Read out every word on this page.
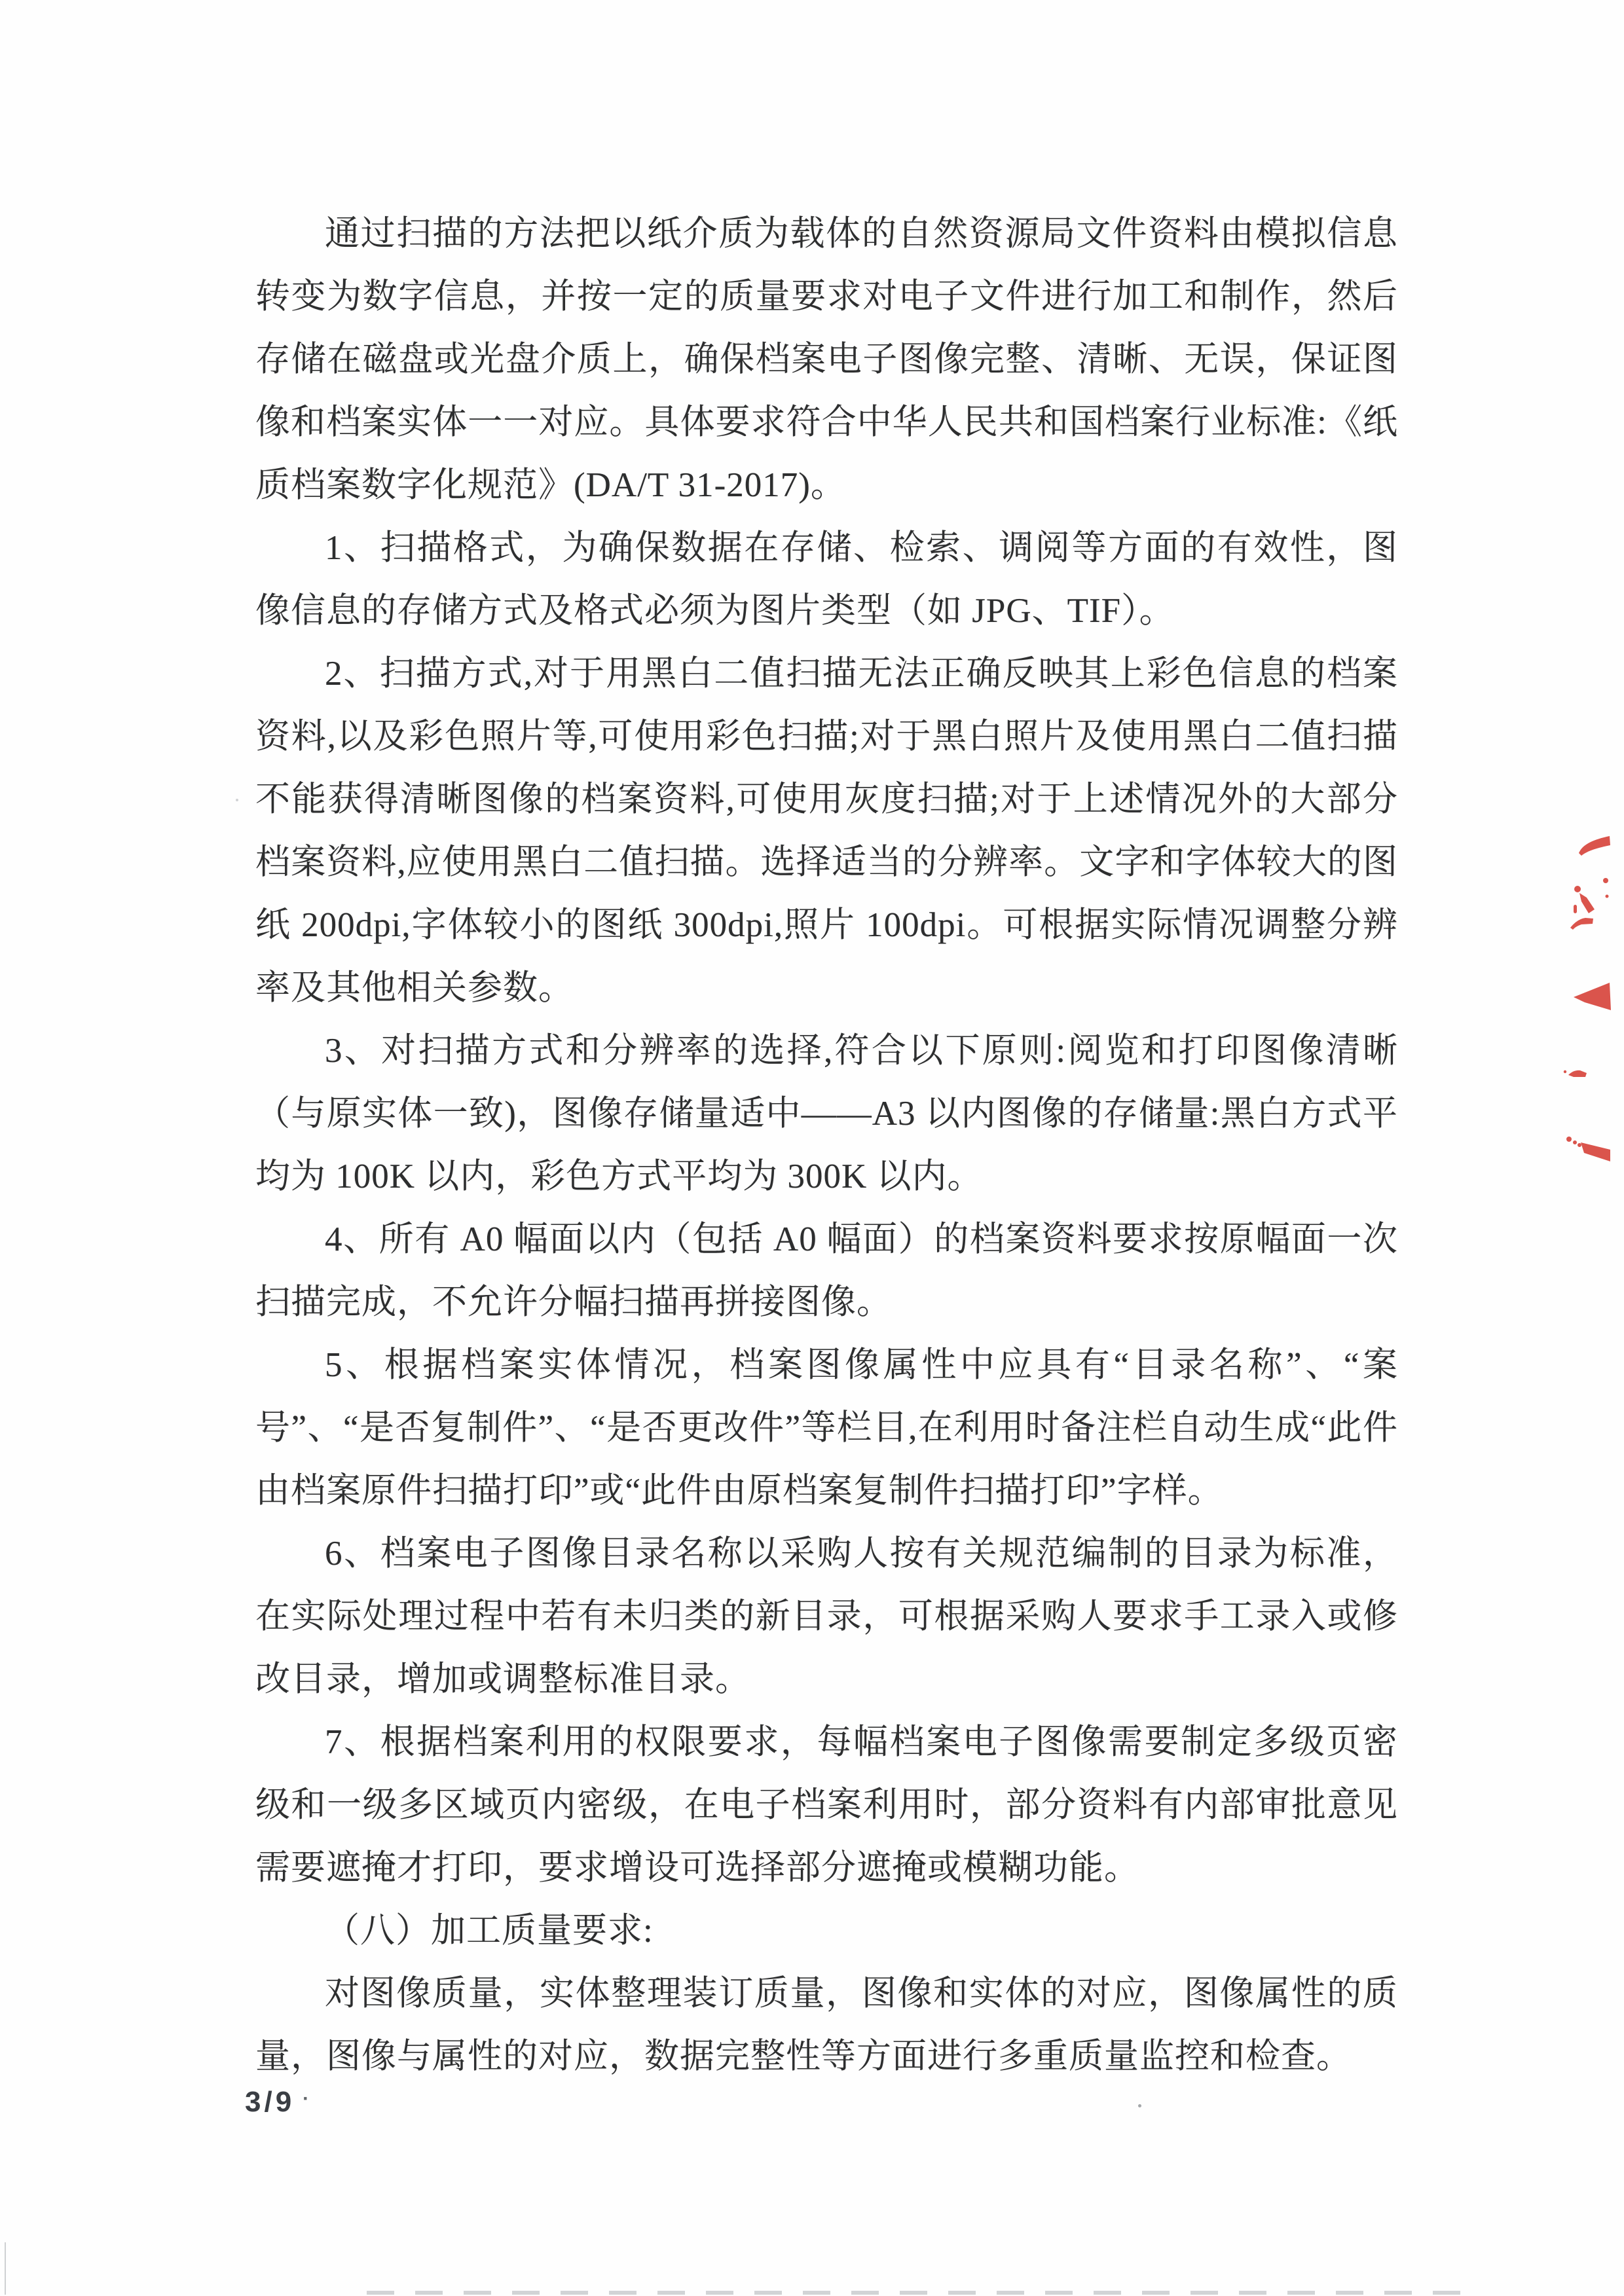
通过扫描的方法把以纸介质为载体的自然资源局文件资料由模拟信息转变为数字信息，并按一定的质量要求对电子文件进行加工和制作，然后存储在磁盘或光盘介质上，确保档案电子图像完整、清晰、无误，保证图像和档案实体一一对应。具体要求符合中华人民共和国档案行业标准:《纸质档案数字化规范》(DA/T 31-2017)。

1、扫描格式，为确保数据在存储、检索、调阅等方面的有效性，图像信息的存储方式及格式必须为图片类型（如 JPG、TIF）。

2、扫描方式,对于用黑白二值扫描无法正确反映其上彩色信息的档案资料,以及彩色照片等,可使用彩色扫描;对于黑白照片及使用黑白二值扫描不能获得清晰图像的档案资料,可使用灰度扫描;对于上述情况外的大部分档案资料,应使用黑白二值扫描。选择适当的分辨率。文字和字体较大的图纸 200dpi,字体较小的图纸 300dpi,照片 100dpi。可根据实际情况调整分辨率及其他相关参数。

3、对扫描方式和分辨率的选择,符合以下原则:阅览和打印图像清晰（与原实体一致)，图像存储量适中——A3 以内图像的存储量:黑白方式平均为 100K 以内，彩色方式平均为 300K 以内。

4、所有 A0 幅面以内（包括 A0 幅面）的档案资料要求按原幅面一次扫描完成，不允许分幅扫描再拼接图像。

5、根据档案实体情况，档案图像属性中应具有“目录名称”、“案号”、“是否复制件”、“是否更改件”等栏目,在利用时备注栏自动生成“此件由档案原件扫描打印”或“此件由原档案复制件扫描打印”字样。

6、档案电子图像目录名称以采购人按有关规范编制的目录为标准，在实际处理过程中若有未归类的新目录，可根据采购人要求手工录入或修改目录，增加或调整标准目录。

7、根据档案利用的权限要求，每幅档案电子图像需要制定多级页密级和一级多区域页内密级，在电子档案利用时，部分资料有内部审批意见需要遮掩才打印，要求增设可选择部分遮掩或模糊功能。

（八）加工质量要求:

对图像质量，实体整理装订质量，图像和实体的对应，图像属性的质量，图像与属性的对应，数据完整性等方面进行多重质量监控和检查。

3/9 ·
